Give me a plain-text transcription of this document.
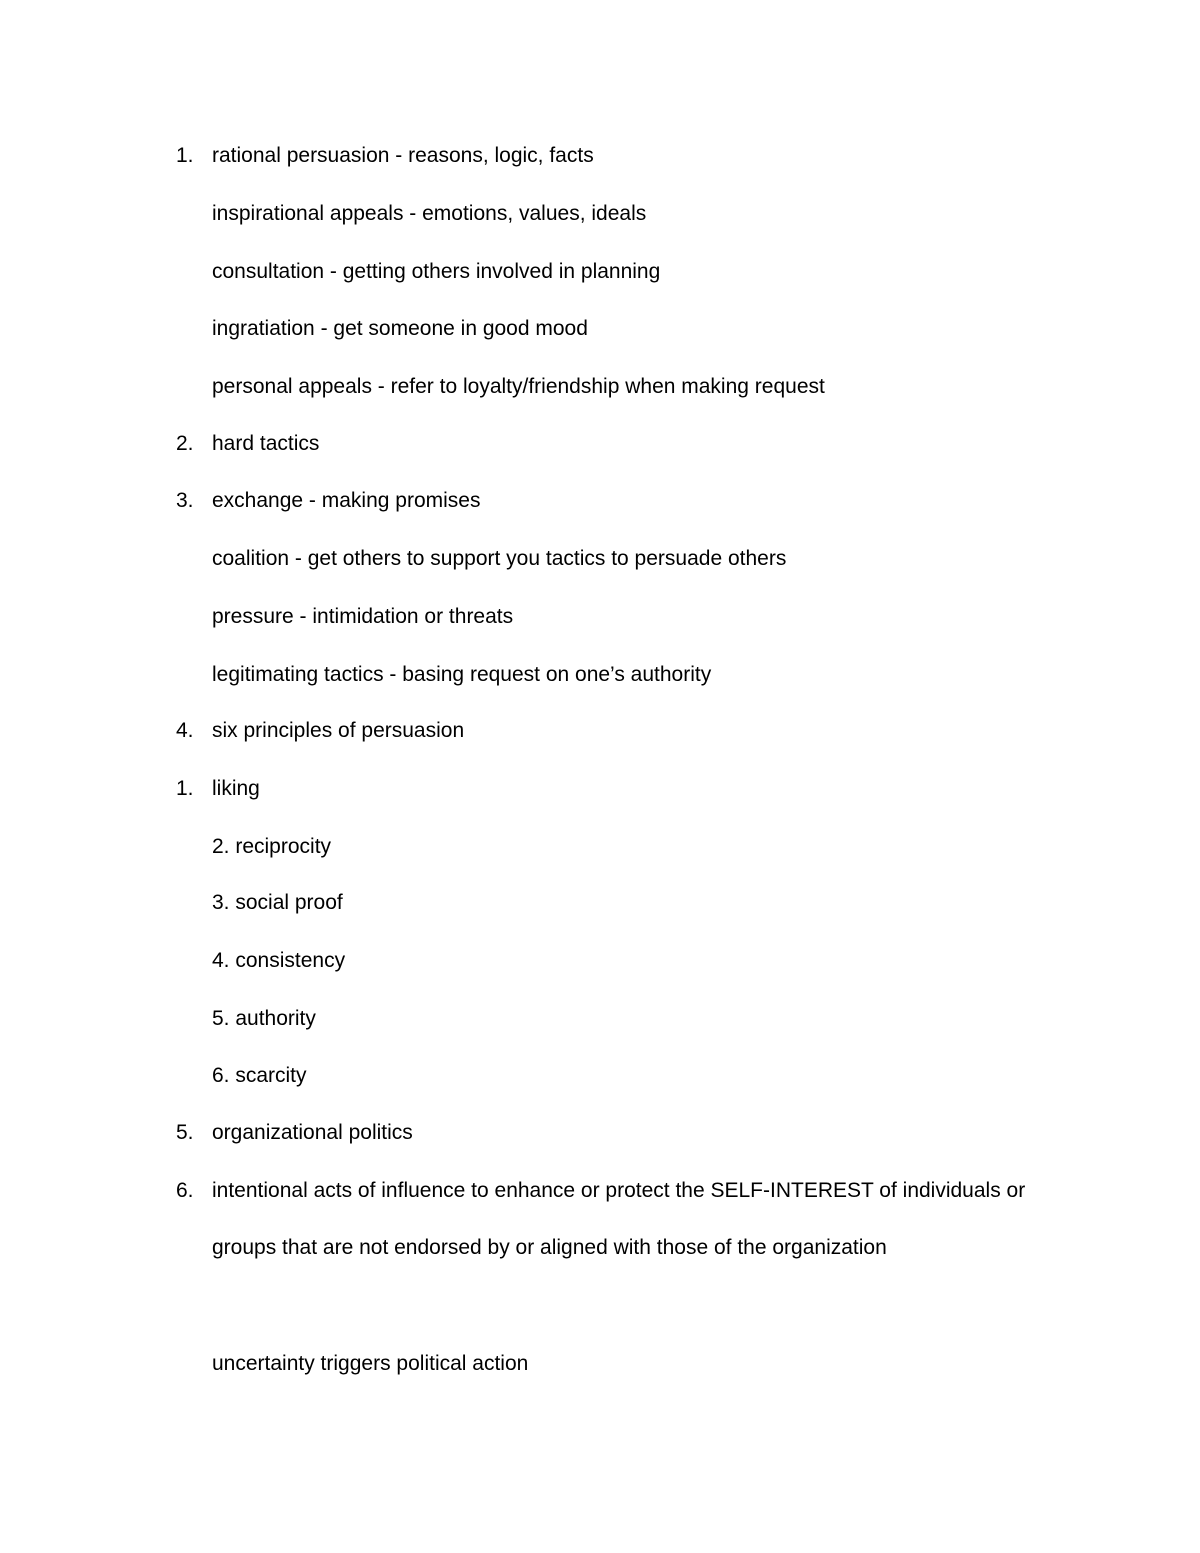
1. rational persuasion - reasons, logic, facts
inspirational appeals - emotions, values, ideals
consultation - getting others involved in planning
ingratiation - get someone in good mood
personal appeals - refer to loyalty/friendship when making request
2. hard tactics
3. exchange - making promises
coalition - get others to support you tactics to persuade others
pressure - intimidation or threats
legitimating tactics - basing request on one’s authority
4. six principles of persuasion
1. liking
2. reciprocity
3. social proof
4. consistency
5. authority
6. scarcity
5. organizational politics
6. intentional acts of influence to enhance or protect the SELF-INTEREST of individuals or
groups that are not endorsed by or aligned with those of the organization
uncertainty triggers political action
